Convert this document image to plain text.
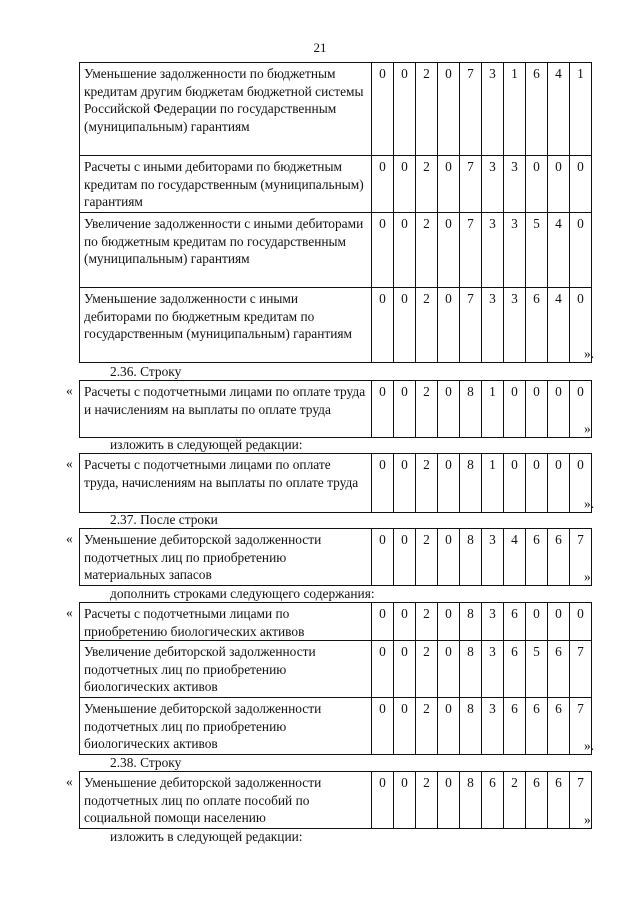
21
Уменьшение задолженности по бюджетным кредитам другим бюджетам бюджетной системы Российской Федерации по государственным (муниципальным) гарантиям	0	0	2	0	7	3	1	6	4	1
Расчеты с иными дебиторами по бюджетным кредитам по государственным (муниципальным) гарантиям	0	0	2	0	7	3	3	0	0	0
Увеличение задолженности с иными дебиторами по бюджетным кредитам по государственным (муниципальным) гарантиям	0	0	2	0	7	3	3	5	4	0
Уменьшение задолженности с иными дебиторами по бюджетным кредитам по государственным (муниципальным) гарантиям	0	0	2	0	7	3	3	6	4	0
».
2.36. Строку
Расчеты с подотчетными лицами по оплате труда и начислениям на выплаты по оплате труда	0	0	2	0	8	1	0	0	0	0
«
»
изложить в следующей редакции:
Расчеты с подотчетными лицами по оплате труда, начислениям на выплаты по оплате труда	0	0	2	0	8	1	0	0	0	0
«
».
2.37. После строки
Уменьшение дебиторской задолженности подотчетных лиц по приобретению материальных запасов	0	0	2	0	8	3	4	6	6	7
«
»
дополнить строками следующего содержания:
Расчеты с подотчетными лицами по приобретению биологических активов	0	0	2	0	8	3	6	0	0	0
Увеличение дебиторской задолженности подотчетных лиц по приобретению биологических активов	0	0	2	0	8	3	6	5	6	7
Уменьшение дебиторской задолженности подотчетных лиц по приобретению биологических активов	0	0	2	0	8	3	6	6	6	7
«
».
2.38. Строку
Уменьшение дебиторской задолженности подотчетных лиц по оплате пособий по социальной помощи населению	0	0	2	0	8	6	2	6	6	7
«
»
изложить в следующей редакции:
